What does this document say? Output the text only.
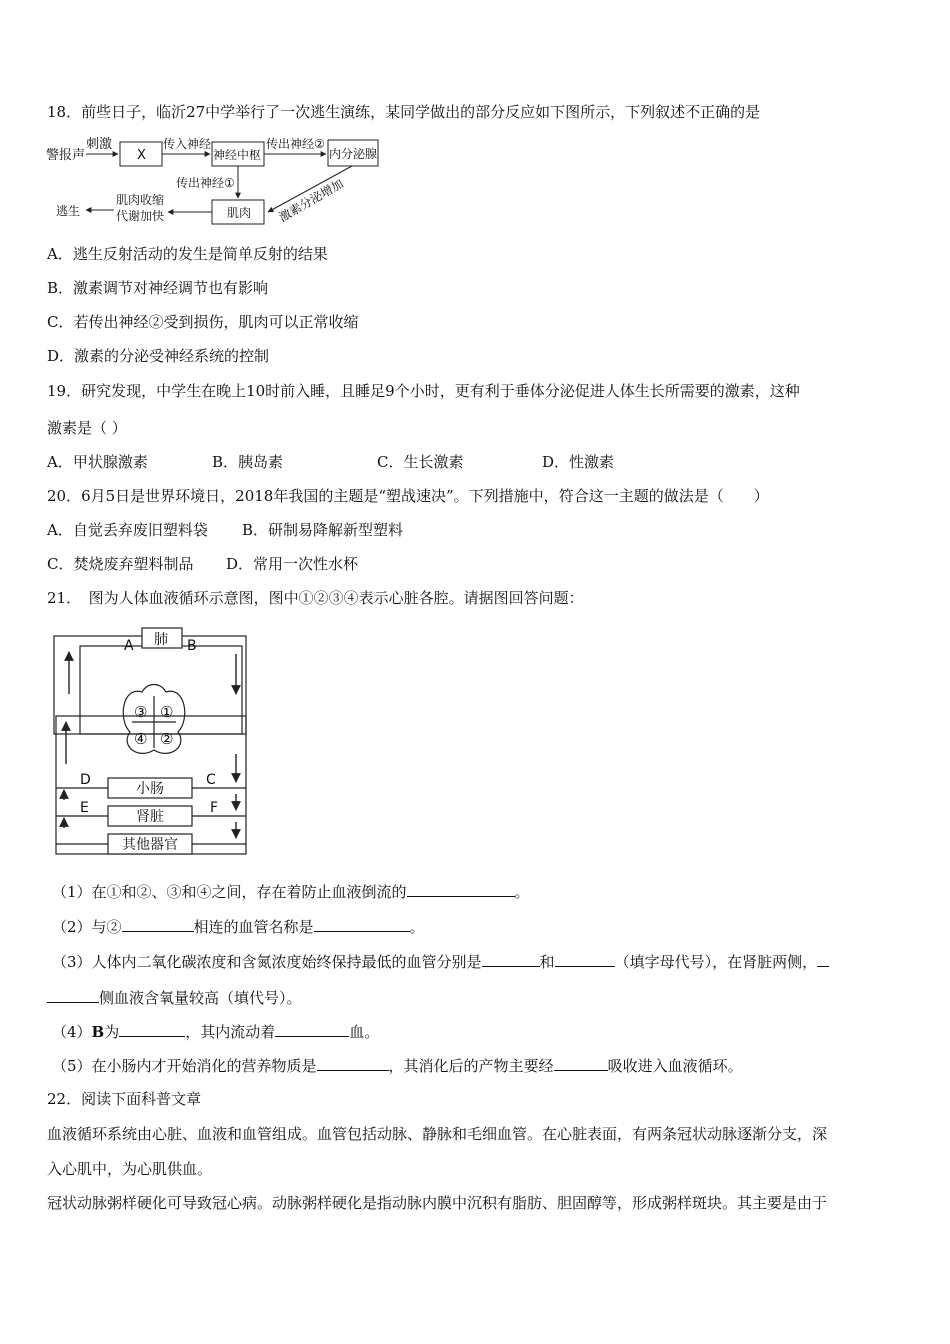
18．前些日子，临沂27中学举行了一次逃生演练，某同学做出的部分反应如下图所示，下列叙述不正确的是
警报声
刺激
X
传入神经
神经中枢
传出神经②
内分泌腺
传出神经①
肌肉 激素分泌增加
肌肉收缩
代谢加快
逃生
A．逃生反射活动的发生是简单反射的结果
B．激素调节对神经调节也有影响
C．若传出神经②受到损伤，肌肉可以正常收缩
D．激素的分泌受神经系统的控制
19．研究发现，中学生在晚上10时前入睡，且睡足9个小时，更有利于垂体分泌促进人体生长所需要的激素，这种
激素是（ ）
A．甲状腺激素	B．胰岛素	C．生长激素	D．性激素
20．6月5日是世界环境日，2018年我国的主题是“塑战速决”。下列措施中，符合这一主题的做法是（　　）
A．自觉丢弃废旧塑料袋 B．研制易降解新型塑料
C．焚烧废弃塑料制品 D．常用一次性水杯
21．　图为人体血液循环示意图，图中①②③④表示心脏各腔。请据图回答问题：
肺
A	B
③ ①
④ ②
D	C
E	F
小肠
肾脏
其他器官
（1）在①和②、③和④之间，存在着防止血液倒流的	。
（2）与②	相连的血管名称是	。
（3）人体内二氧化碳浓度和含氮浓度始终保持最低的血管分别是	和	（填字母代号），在肾脏两侧，
侧血液含氧量较高（填代号）。
（4）B为	，其内流动着	血。
（5）在小肠内才开始消化的营养物质是	，其消化后的产物主要经	吸收进入血液循环。
22．阅读下面科普文章
血液循环系统由心脏、血液和血管组成。血管包括动脉、静脉和毛细血管。在心脏表面，有两条冠状动脉逐渐分支，深
入心肌中，为心肌供血。
冠状动脉粥样硬化可导致冠心病。动脉粥样硬化是指动脉内膜中沉积有脂肪、胆固醇等，形成粥样斑块。其主要是由于
